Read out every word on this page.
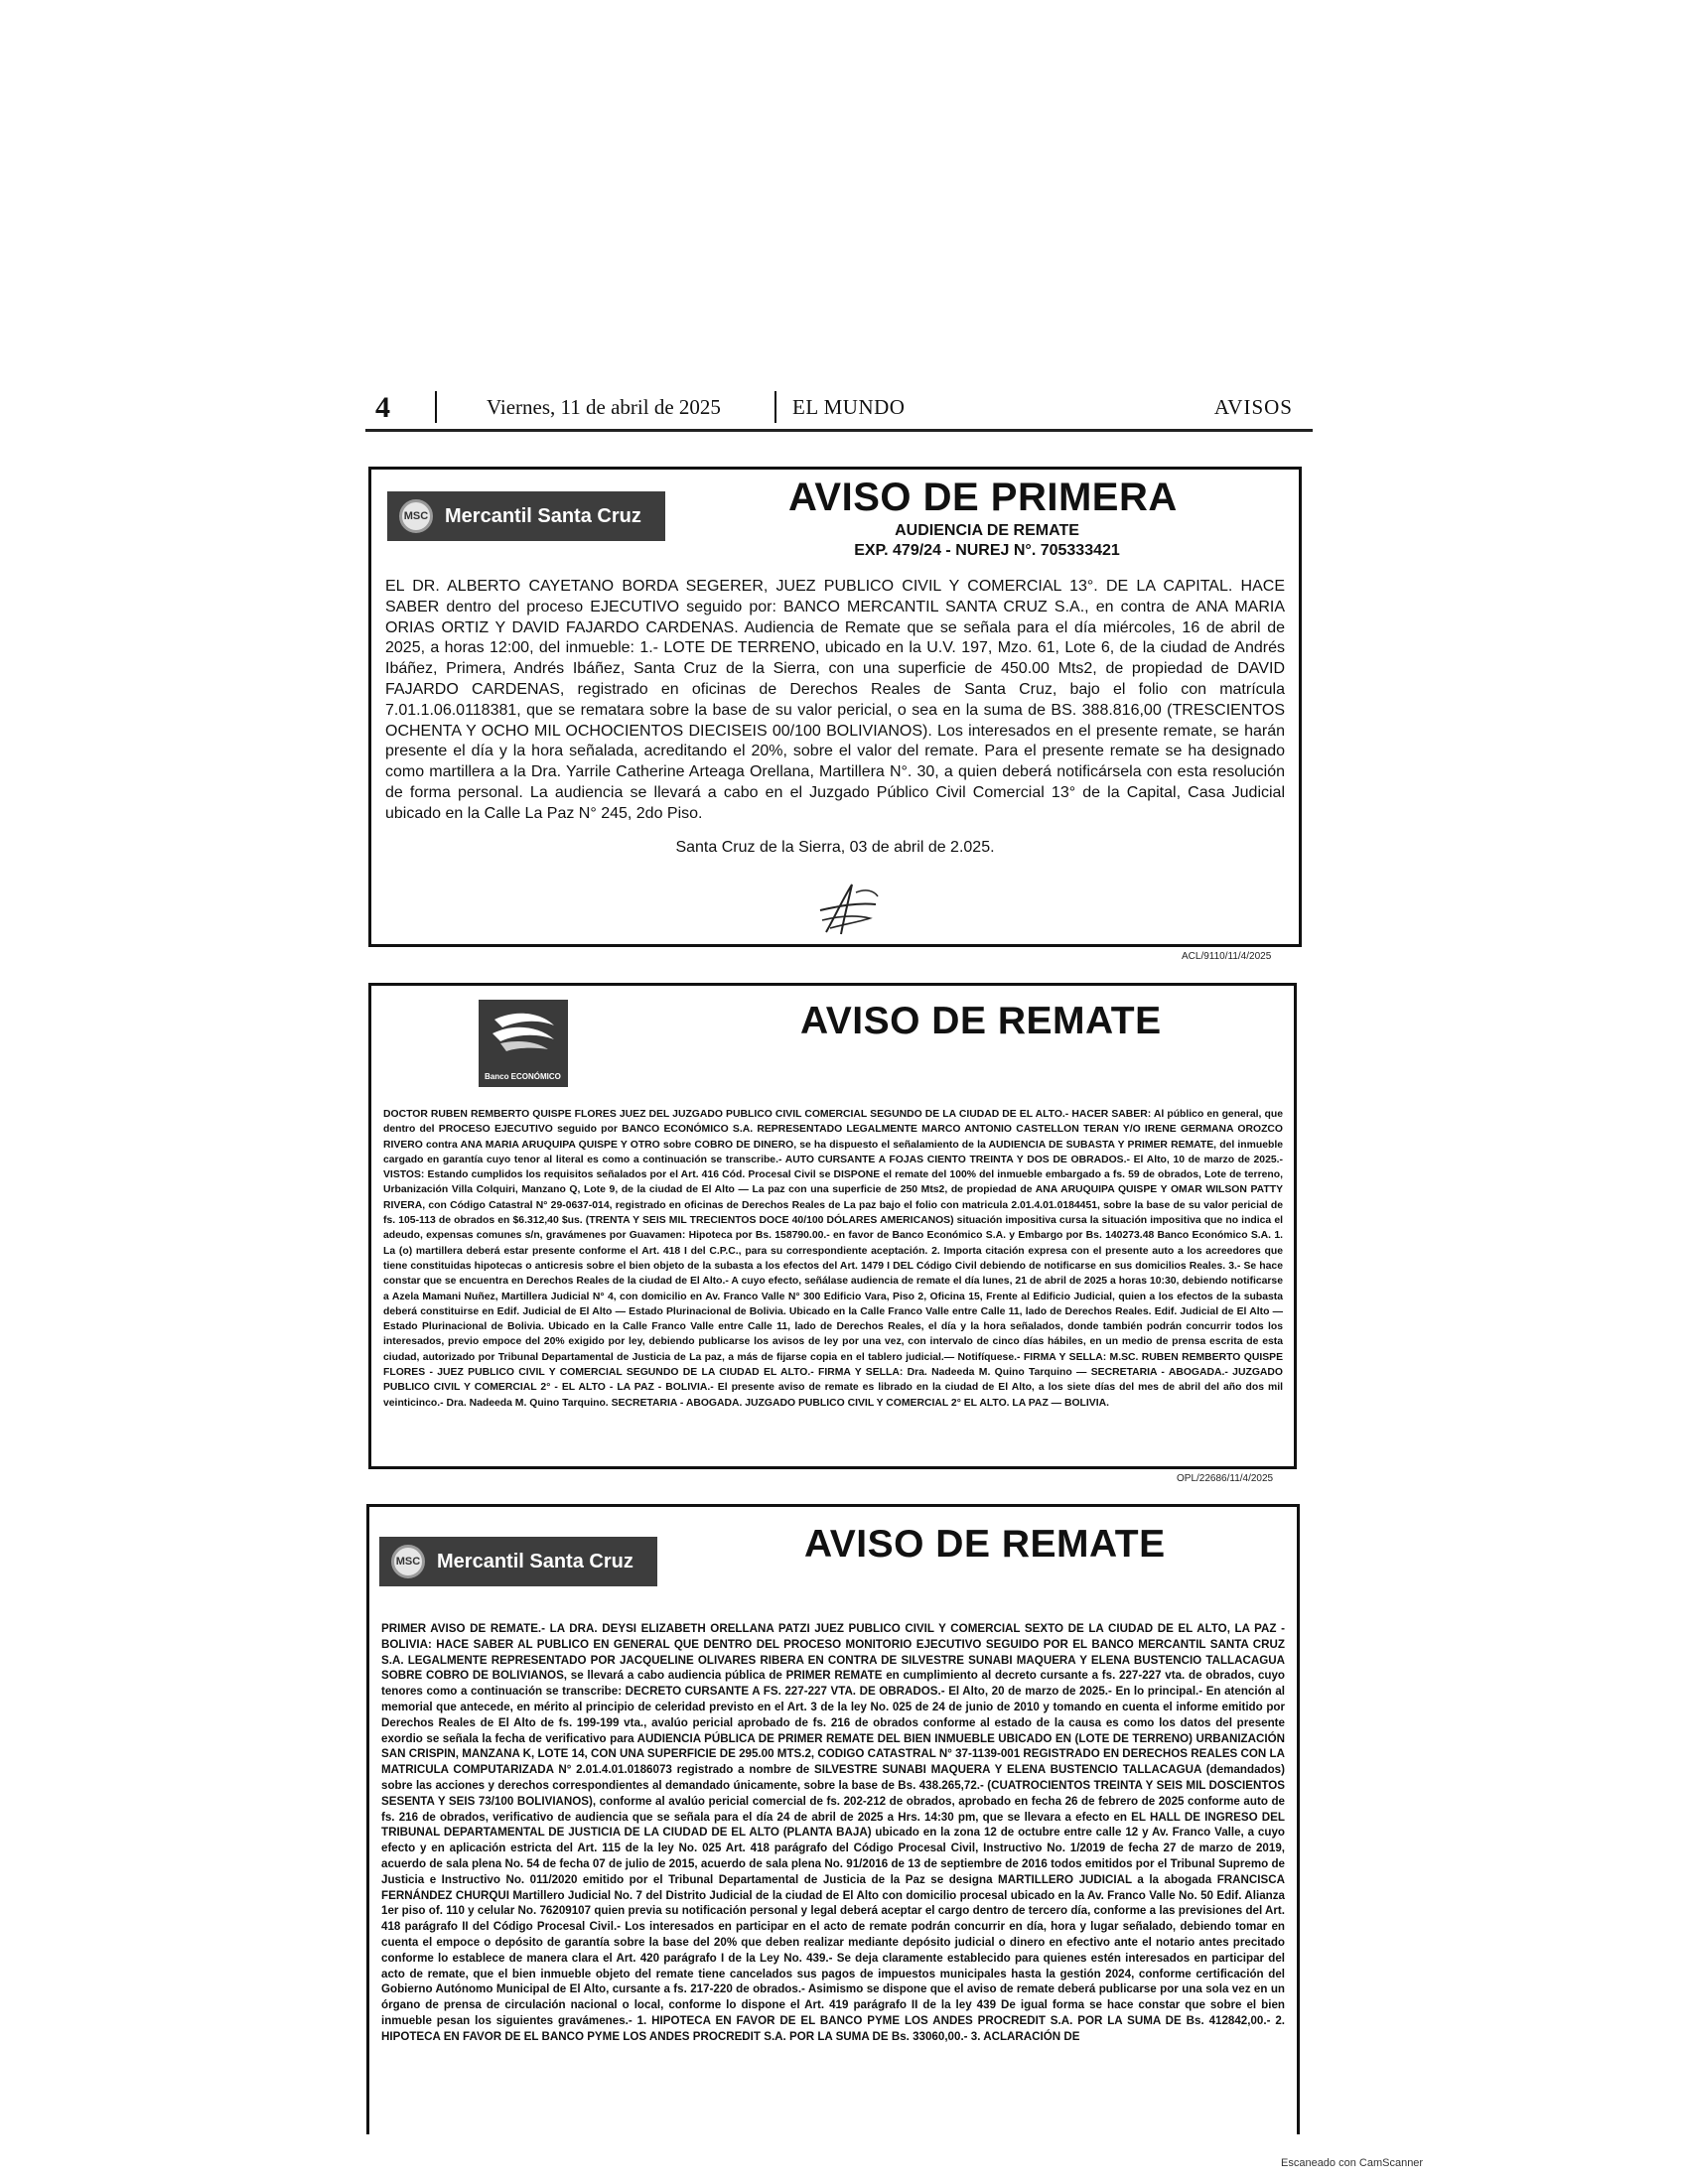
4	Viernes, 11 de abril de 2025	EL MUNDO	AVISOS
MSC Mercantil Santa Cruz	AVISO DE PRIMERA
AUDIENCIA DE REMATE
EXP. 479/24 - NUREJ N°. 705333421
EL DR. ALBERTO CAYETANO BORDA SEGERER, JUEZ PUBLICO CIVIL Y COMERCIAL 13°. DE LA CAPITAL. HACE SABER dentro del proceso EJECUTIVO seguido por: BANCO MERCANTIL SANTA CRUZ S.A., en contra de ANA MARIA ORIAS ORTIZ Y DAVID FAJARDO CARDENAS. Audiencia de Remate que se señala para el día miércoles, 16 de abril de 2025, a horas 12:00, del inmueble: 1.- LOTE DE TERRENO, ubicado en la U.V. 197, Mzo. 61, Lote 6, de la ciudad de Andrés Ibáñez, Primera, Andrés Ibáñez, Santa Cruz de la Sierra, con una superficie de 450.00 Mts2, de propiedad de DAVID FAJARDO CARDENAS, registrado en oficinas de Derechos Reales de Santa Cruz, bajo el folio con matrícula 7.01.1.06.0118381, que se rematara sobre la base de su valor pericial, o sea en la suma de BS. 388.816,00 (TRESCIENTOS OCHENTA Y OCHO MIL OCHOCIENTOS DIECISEIS 00/100 BOLIVIANOS). Los interesados en el presente remate, se harán presente el día y la hora señalada, acreditando el 20%, sobre el valor del remate. Para el presente remate se ha designado como martillera a la Dra. Yarrile Catherine Arteaga Orellana, Martillera N°. 30, a quien deberá notificársela con esta resolución de forma personal. La audiencia se llevará a cabo en el Juzgado Público Civil Comercial 13° de la Capital, Casa Judicial ubicado en la Calle La Paz N° 245, 2do Piso.
Santa Cruz de la Sierra, 03 de abril de 2.025.
ACL/9110/11/4/2025
Banco ECONÓMICO
AVISO DE REMATE
DOCTOR RUBEN REMBERTO QUISPE FLORES JUEZ DEL JUZGADO PUBLICO CIVIL COMERCIAL SEGUNDO DE LA CIUDAD DE EL ALTO.- HACER SABER: Al público en general, que dentro del PROCESO EJECUTIVO seguido por BANCO ECONÓMICO S.A. REPRESENTADO LEGALMENTE MARCO ANTONIO CASTELLON TERAN Y/O IRENE GERMANA OROZCO RIVERO contra ANA MARIA ARUQUIPA QUISPE Y OTRO sobre COBRO DE DINERO, se ha dispuesto el señalamiento de la AUDIENCIA DE SUBASTA Y PRIMER REMATE, del inmueble cargado en garantía cuyo tenor al literal es como a continuación se transcribe.- AUTO CURSANTE A FOJAS CIENTO TREINTA Y DOS DE OBRADOS.- El Alto, 10 de marzo de 2025.- VISTOS: Estando cumplidos los requisitos señalados por el Art. 416 Cód. Procesal Civil se DISPONE el remate del 100% del inmueble embargado a fs. 59 de obrados, Lote de terreno, Urbanización Villa Colquiri, Manzano Q, Lote 9, de la ciudad de El Alto — La paz con una superficie de 250 Mts2, de propiedad de ANA ARUQUIPA QUISPE Y OMAR WILSON PATTY RIVERA, con Código Catastral N° 29-0637-014, registrado en oficinas de Derechos Reales de La paz bajo el folio con matricula 2.01.4.01.0184451, sobre la base de su valor pericial de fs. 105-113 de obrados en $6.312,40 $us. (TRENTA Y SEIS MIL TRECIENTOS DOCE 40/100 DÓLARES AMERICANOS) situación impositiva cursa la situación impositiva que no indica el adeudo, expensas comunes s/n, gravámenes por Guavamen: Hipoteca por Bs. 158790.00.- en favor de Banco Económico S.A. y Embargo por Bs. 140273.48 Banco Económico S.A. 1. La (o) martillera deberá estar presente conforme el Art. 418 I del C.P.C., para su correspondiente aceptación. 2. Importa citación expresa con el presente auto a los acreedores que tiene constituidas hipotecas o anticresis sobre el bien objeto de la subasta a los efectos del Art. 1479 I DEL Código Civil debiendo de notificarse en sus domicilios Reales. 3.- Se hace constar que se encuentra en Derechos Reales de la ciudad de El Alto.- A cuyo efecto, señálase audiencia de remate el día lunes, 21 de abril de 2025 a horas 10:30, debiendo notificarse a Azela Mamani Nuñez, Martillera Judicial N° 4, con domicilio en Av. Franco Valle N° 300 Edificio Vara, Piso 2, Oficina 15, Frente al Edificio Judicial, quien a los efectos de la subasta deberá constituirse en Edif. Judicial de El Alto — Estado Plurinacional de Bolivia. Ubicado en la Calle Franco Valle entre Calle 11, lado de Derechos Reales. Edif. Judicial de El Alto — Estado Plurinacional de Bolivia. Ubicado en la Calle Franco Valle entre Calle 11, lado de Derechos Reales, el día y la hora señalados, donde también podrán concurrir todos los interesados, previo empoce del 20% exigido por ley, debiendo publicarse los avisos de ley por una vez, con intervalo de cinco días hábiles, en un medio de prensa escrita de esta ciudad, autorizado por Tribunal Departamental de Justicia de La paz, a más de fijarse copia en el tablero judicial.— Notifíquese.- FIRMA Y SELLA: M.SC. RUBEN REMBERTO QUISPE FLORES - JUEZ PUBLICO CIVIL Y COMERCIAL SEGUNDO DE LA CIUDAD EL ALTO.- FIRMA Y SELLA: Dra. Nadeeda M. Quino Tarquino — SECRETARIA - ABOGADA.- JUZGADO PUBLICO CIVIL Y COMERCIAL 2° - EL ALTO - LA PAZ - BOLIVIA.- El presente aviso de remate es librado en la ciudad de El Alto, a los siete días del mes de abril del año dos mil veinticinco.- Dra. Nadeeda M. Quino Tarquino. SECRETARIA - ABOGADA. JUZGADO PUBLICO CIVIL Y COMERCIAL 2° EL ALTO. LA PAZ — BOLIVIA.
OPL/22686/11/4/2025
MSC Mercantil Santa Cruz	AVISO DE REMATE
PRIMER AVISO DE REMATE.- LA DRA. DEYSI ELIZABETH ORELLANA PATZI JUEZ PUBLICO CIVIL Y COMERCIAL SEXTO DE LA CIUDAD DE EL ALTO, LA PAZ - BOLIVIA: HACE SABER AL PUBLICO EN GENERAL QUE DENTRO DEL PROCESO MONITORIO EJECUTIVO SEGUIDO POR EL BANCO MERCANTIL SANTA CRUZ S.A. LEGALMENTE REPRESENTADO POR JACQUELINE OLIVARES RIBERA EN CONTRA DE SILVESTRE SUNABI MAQUERA Y ELENA BUSTENCIO TALLACAGUA SOBRE COBRO DE BOLIVIANOS, se llevará a cabo audiencia pública de PRIMER REMATE en cumplimiento al decreto cursante a fs. 227-227 vta. de obrados, cuyo tenores como a continuación se transcribe: DECRETO CURSANTE A FS. 227-227 VTA. DE OBRADOS.- El Alto, 20 de marzo de 2025.- En lo principal.- En atención al memorial que antecede, en mérito al principio de celeridad previsto en el Art. 3 de la ley No. 025 de 24 de junio de 2010 y tomando en cuenta el informe emitido por Derechos Reales de El Alto de fs. 199-199 vta., avalúo pericial aprobado de fs. 216 de obrados conforme al estado de la causa es como los datos del presente exordio se señala la fecha de verificativo para AUDIENCIA PÚBLICA DE PRIMER REMATE DEL BIEN INMUEBLE UBICADO EN (LOTE DE TERRENO) URBANIZACIÓN SAN CRISPIN, MANZANA K, LOTE 14, CON UNA SUPERFICIE DE 295.00 MTS.2, CODIGO CATASTRAL N° 37-1139-001 REGISTRADO EN DERECHOS REALES CON LA MATRICULA COMPUTARIZADA N° 2.01.4.01.0186073 registrado a nombre de SILVESTRE SUNABI MAQUERA Y ELENA BUSTENCIO TALLACAGUA (demandados) sobre las acciones y derechos correspondientes al demandado únicamente, sobre la base de Bs. 438.265,72.- (CUATROCIENTOS TREINTA Y SEIS MIL DOSCIENTOS SESENTA Y SEIS 73/100 BOLIVIANOS), conforme al avalúo pericial comercial de fs. 202-212 de obrados, aprobado en fecha 26 de febrero de 2025 conforme auto de fs. 216 de obrados, verificativo de audiencia que se señala para el día 24 de abril de 2025 a Hrs. 14:30 pm, que se llevara a efecto en EL HALL DE INGRESO DEL TRIBUNAL DEPARTAMENTAL DE JUSTICIA DE LA CIUDAD DE EL ALTO (PLANTA BAJA) ubicado en la zona 12 de octubre entre calle 12 y Av. Franco Valle, a cuyo efecto y en aplicación estricta del Art. 115 de la ley No. 025 Art. 418 parágrafo del Código Procesal Civil, Instructivo No. 1/2019 de fecha 27 de marzo de 2019, acuerdo de sala plena No. 54 de fecha 07 de julio de 2015, acuerdo de sala plena No. 91/2016 de 13 de septiembre de 2016 todos emitidos por el Tribunal Supremo de Justicia e Instructivo No. 011/2020 emitido por el Tribunal Departamental de Justicia de la Paz se designa MARTILLERO JUDICIAL a la abogada FRANCISCA FERNÁNDEZ CHURQUI Martillero Judicial No. 7 del Distrito Judicial de la ciudad de El Alto con domicilio procesal ubicado en la Av. Franco Valle No. 50 Edif. Alianza 1er piso of. 110 y celular No. 76209107 quien previa su notificación personal y legal deberá aceptar el cargo dentro de tercero día, conforme a las previsiones del Art. 418 parágrafo II del Código Procesal Civil.- Los interesados en participar en el acto de remate podrán concurrir en día, hora y lugar señalado, debiendo tomar en cuenta el empoce o depósito de garantía sobre la base del 20% que deben realizar mediante depósito judicial o dinero en efectivo ante el notario antes precitado conforme lo establece de manera clara el Art. 420 parágrafo I de la Ley No. 439.- Se deja claramente establecido para quienes estén interesados en participar del acto de remate, que el bien inmueble objeto del remate tiene cancelados sus pagos de impuestos municipales hasta la gestión 2024, conforme certificación del Gobierno Autónomo Municipal de El Alto, cursante a fs. 217-220 de obrados.- Asimismo se dispone que el aviso de remate deberá publicarse por una sola vez en un órgano de prensa de circulación nacional o local, conforme lo dispone el Art. 419 parágrafo II de la ley 439 De igual forma se hace constar que sobre el bien inmueble pesan los siguientes gravámenes.- 1. HIPOTECA EN FAVOR DE EL BANCO PYME LOS ANDES PROCREDIT S.A. POR LA SUMA DE Bs. 412842,00.- 2. HIPOTECA EN FAVOR DE EL BANCO PYME LOS ANDES PROCREDIT S.A. POR LA SUMA DE Bs. 33060,00.- 3. ACLARACIÓN DE
Escaneado con CamScanner
